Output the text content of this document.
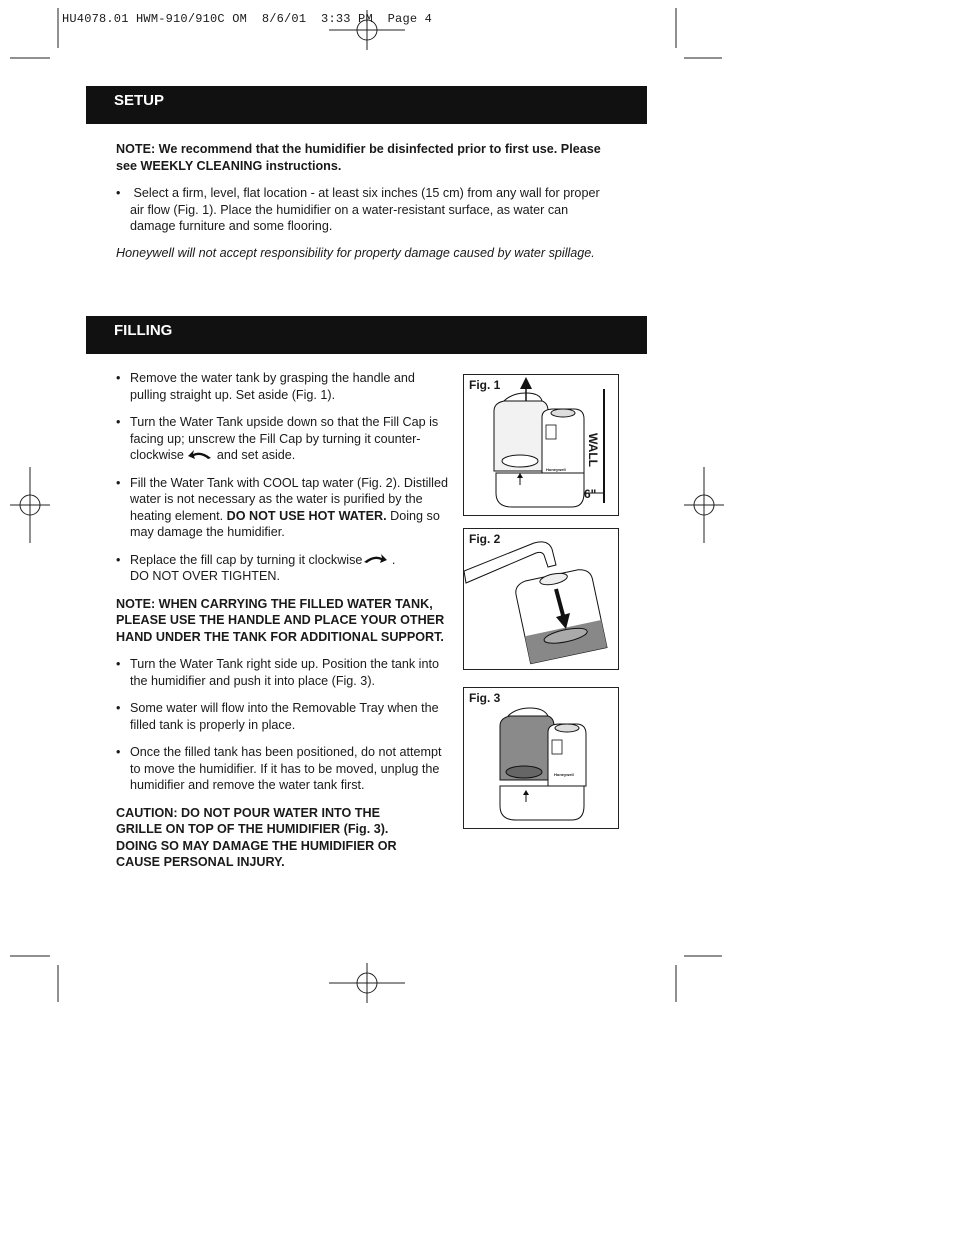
HU4078.01 HWM-910/910C OM  8/6/01  3:33 PM  Page 4
SETUP
NOTE: We recommend that the humidifier be disinfected prior to first use. Please see WEEKLY CLEANING instructions.
• Select a firm, level, flat location - at least six inches (15 cm) from any wall for proper air flow (Fig. 1). Place the humidifier on a water-resistant surface, as water can damage furniture and some flooring.
Honeywell will not accept responsibility for property damage caused by water spillage.
FILLING
• Remove the water tank by grasping the handle and pulling straight up. Set aside (Fig. 1).
• Turn the Water Tank upside down so that the Fill Cap is facing up; unscrew the Fill Cap by turning it counter-clockwise	and set aside.
• Fill the Water Tank with COOL tap water (Fig. 2). Distilled water is not necessary as the water is purified by the heating element. DO NOT USE HOT WATER. Doing so may damage the humidifier.
• Replace the fill cap by turning it clockwise .
DO NOT OVER TIGHTEN.
NOTE: WHEN CARRYING THE FILLED WATER TANK, PLEASE USE THE HANDLE AND PLACE YOUR OTHER HAND UNDER THE TANK FOR ADDITIONAL SUPPORT.
• Turn the Water Tank right side up. Position the tank into the humidifier and push it into place (Fig. 3).
• Some water will flow into the Removable Tray when the filled tank is properly in place.
• Once the filled tank has been positioned, do not attempt to move the humidifier. If it has to be moved, unplug the humidifier and remove the water tank first.
CAUTION: DO NOT POUR WATER INTO THE
GRILLE ON TOP OF THE HUMIDIFIER (Fig. 3).
DOING SO MAY DAMAGE THE HUMIDIFIER OR
CAUSE PERSONAL INJURY.
Fig. 1
Honeywell
WALL
6"
Fig. 2
Fig. 3
Honeywell
